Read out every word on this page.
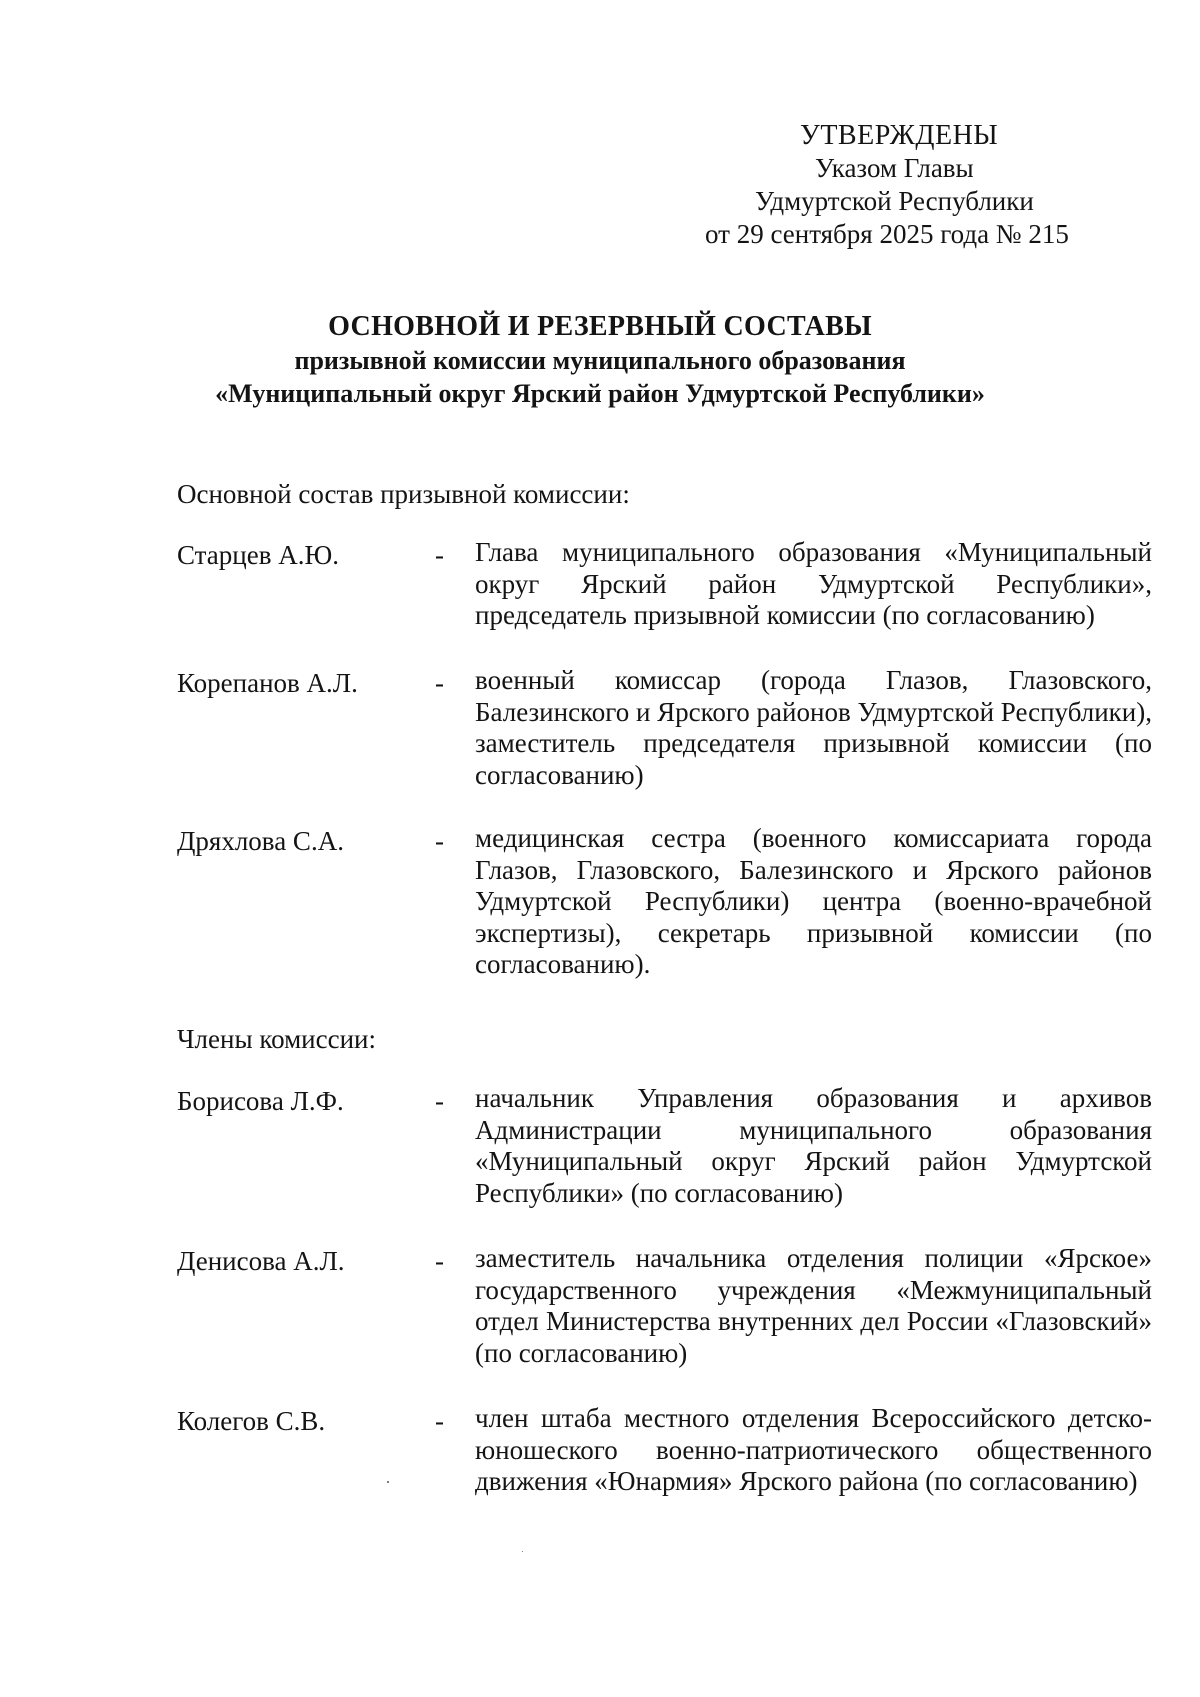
УТВЕРЖДЕНЫ
Указом Главы
Удмуртской Республики
от 29 сентября 2025 года № 215
ОСНОВНОЙ И РЕЗЕРВНЫЙ СОСТАВЫ
призывной комиссии муниципального образования
«Муниципальный округ Ярский район Удмуртской Республики»
Основной состав призывной комиссии:
Старцев А.Ю.	- Глава муниципального образования «Муниципальный округ Ярский район Удмуртской Республики», председатель призывной комиссии (по согласованию)
Корепанов А.Л.	- военный комиссар (города Глазов, Глазовского, Балезинского и Ярского районов Удмуртской Республики), заместитель председателя призывной комиссии (по согласованию)
Дряхлова С.А.	- медицинская сестра (военного комиссариата города Глазов, Глазовского, Балезинского и Ярского районов Удмуртской Республики) центра (военно-врачебной экспертизы), секретарь призывной комиссии (по согласованию).
Члены комиссии:
Борисова Л.Ф.	- начальник Управления образования и архивов Администрации муниципального образования «Муниципальный округ Ярский район Удмуртской Республики» (по согласованию)
Денисова А.Л.	- заместитель начальника отделения полиции «Ярское» государственного учреждения «Межмуниципальный отдел Министерства внутренних дел России «Глазовский» (по согласованию)
Колегов С.В.	- член штаба местного отделения Всероссийского детско-юношеского военно-патриотического общественного движения «Юнармия» Ярского района (по согласованию)
